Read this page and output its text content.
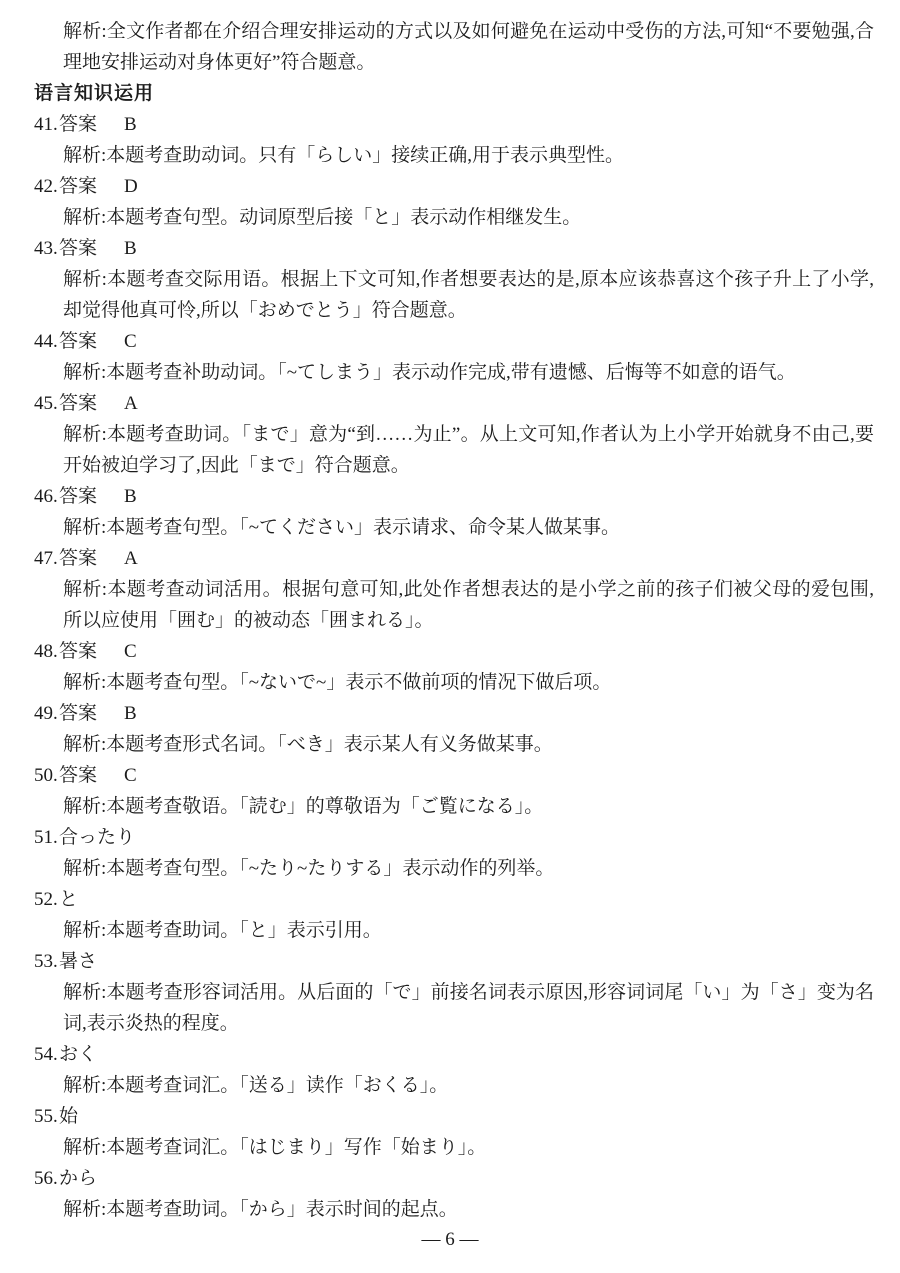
解析:全文作者都在介绍合理安排运动的方式以及如何避免在运动中受伤的方法,可知“不要勉强,合理地安排运动对身体更好”符合题意。
语言知识运用
41.答案 B
解析:本题考查助动词。只有「らしい」接续正确,用于表示典型性。
42.答案 D
解析:本题考查句型。动词原型后接「と」表示动作相继发生。
43.答案 B
解析:本题考查交际用语。根据上下文可知,作者想要表达的是,原本应该恭喜这个孩子升上了小学,却觉得他真可怜,所以「おめでとう」符合题意。
44.答案 C
解析:本题考查补助动词。「~てしまう」表示动作完成,带有遗憾、后悔等不如意的语气。
45.答案 A
解析:本题考查助词。「まで」意为“到……为止”。从上文可知,作者认为上小学开始就身不由己,要开始被迫学习了,因此「まで」符合题意。
46.答案 B
解析:本题考查句型。「~てください」表示请求、命令某人做某事。
47.答案 A
解析:本题考查动词活用。根据句意可知,此处作者想表达的是小学之前的孩子们被父母的爱包围,所以应使用「囲む」的被动态「囲まれる」。
48.答案 C
解析:本题考查句型。「~ないで~」表示不做前项的情况下做后项。
49.答案 B
解析:本题考查形式名词。「べき」表示某人有义务做某事。
50.答案 C
解析:本题考查敬语。「読む」的尊敬语为「ご覧になる」。
51.合ったり
解析:本题考查句型。「~たり~たりする」表示动作的列举。
52.と
解析:本题考查助词。「と」表示引用。
53.暑さ
解析:本题考查形容词活用。从后面的「で」前接名词表示原因,形容词词尾「い」为「さ」变为名词,表示炎热的程度。
54.おく
解析:本题考查词汇。「送る」读作「おくる」。
55.始
解析:本题考查词汇。「はじまり」写作「始まり」。
56.から
解析:本题考查助词。「から」表示时间的起点。
— 6 —
